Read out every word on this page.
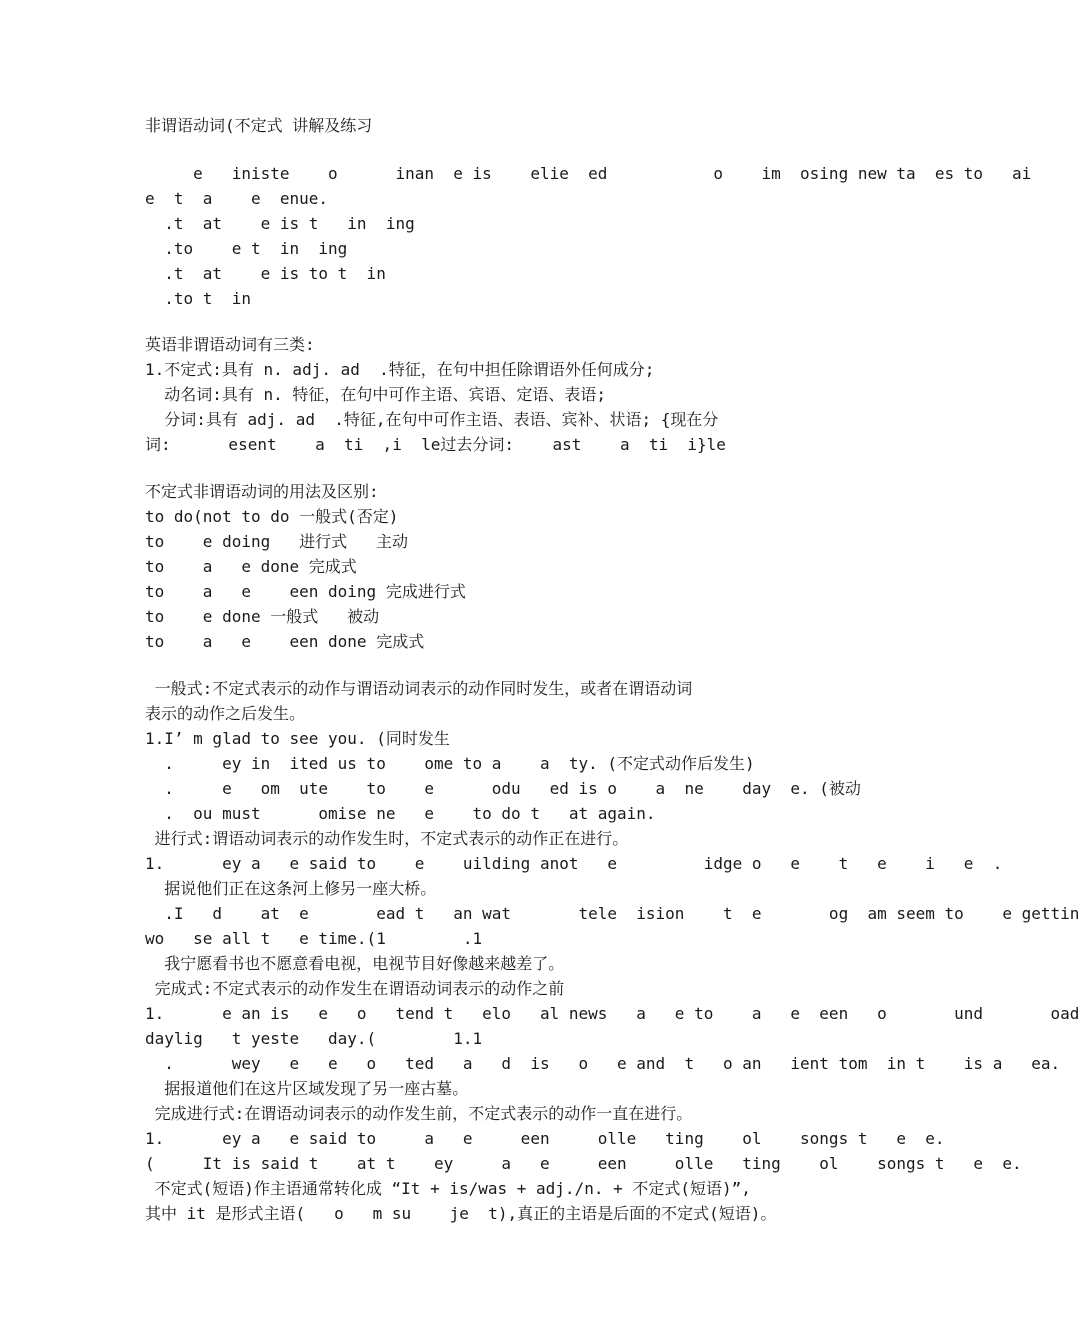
非谓语动词(不定式 讲解及练习
e   iniste    o      inan  e is    elie  ed           o    im  osing new ta  es to   ai
e  t  a    e  enue.
.t  at    e is t   in  ing
.to    e t  in  ing
.t  at    e is to t  in
.to t  in
英语非谓语动词有三类:
1.不定式:具有 n. adj. ad  .特征，在句中担任除谓语外任何成分;
动名词:具有 n. 特征，在句中可作主语、宾语、定语、表语;
分词:具有 adj. ad  .特征,在句中可作主语、表语、宾补、状语; {现在分
词:      esent    a  ti  ,i  le过去分词:    ast    a  ti  i}le
不定式非谓语动词的用法及区别:
to do(not to do 一般式(否定)
to    e doing   进行式   主动
to    a   e done 完成式
to    a   e    een doing 完成进行式
to    e done 一般式   被动
to    a   e    een done 完成式
一般式:不定式表示的动作与谓语动词表示的动作同时发生，或者在谓语动词
表示的动作之后发生。
1.I’ m glad to see you. (同时发生
.     ey in  ited us to    ome to a    a  ty. (不定式动作后发生)
.     e   om  ute    to    e      odu   ed is o    a  ne    day  e. (被动
.  ou must      omise ne   e    to do t   at again.
进行式:谓语动词表示的动作发生时，不定式表示的动作正在进行。
1.      ey a   e said to    e    uilding anot   e         idge o   e    t   e    i   e  .
据说他们正在这条河上修另一座大桥。
.I   d    at  e       ead t   an wat       tele  ision    t  e       og  am seem to    e gettin
wo   se all t   e time.(1        .1
我宁愿看书也不愿意看电视，电视节目好像越来越差了。
完成式:不定式表示的动作发生在谓语动词表示的动作之前
1.      e an is   e   o   tend t   elo   al news   a   e to    a   e  een   o       und       oad
daylig   t yeste   day.(        1.1
.      wey   e   e   o   ted   a   d  is   o   e and  t   o an   ient tom  in t    is a   ea.
据报道他们在这片区域发现了另一座古墓。
完成进行式:在谓语动词表示的动作发生前，不定式表示的动作一直在进行。
1.      ey a   e said to     a   e     een     olle   ting    ol    songs t   e  e.
(     It is said t    at t    ey     a   e     een     olle   ting    ol    songs t   e  e.
不定式(短语)作主语通常转化成 “It + is/was + adj./n. + 不定式(短语)”,
其中 it 是形式主语(   o   m su    je  t),真正的主语是后面的不定式(短语)。
